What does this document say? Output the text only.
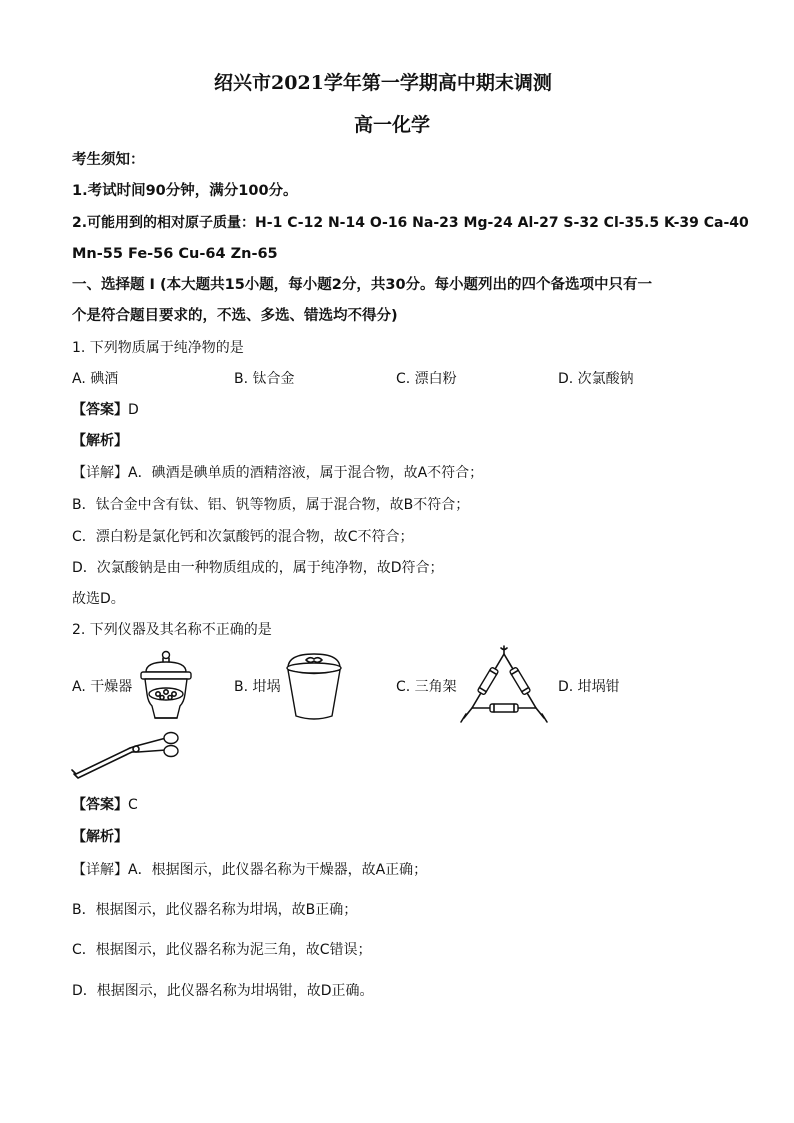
绍兴市2021学年第一学期高中期末调测
高一化学
考生须知：
1.考试时间90分钟，满分100分。
2.可能用到的相对原子质量：H-1 C-12 N-14 O-16 Na-23 Mg-24 Al-27 S-32 Cl-35.5 K-39 Ca-40
Mn-55 Fe-56 Cu-64 Zn-65
一、选择题 I (本大题共15小题，每小题2分，共30分。每小题列出的四个备选项中只有一
个是符合题目要求的，不选、多选、错选均不得分)
1. 下列物质属于纯净物的是
A. 碘酒	B. 钛合金	C. 漂白粉	D. 次氯酸钠
【答案】D
【解析】
【详解】A．碘酒是碘单质的酒精溶液，属于混合物，故A不符合；
B．钛合金中含有钛、铝、钒等物质，属于混合物，故B不符合；
C．漂白粉是氯化钙和次氯酸钙的混合物，故C不符合；
D．次氯酸钠是由一种物质组成的，属于纯净物，故D符合；
故选D。
2. 下列仪器及其名称不正确的是
A. 干燥器	B. 坩埚	C. 三角架	D. 坩埚钳
【答案】C
【解析】
【详解】A．根据图示，此仪器名称为干燥器，故A正确；
B．根据图示，此仪器名称为坩埚，故B正确；
C．根据图示，此仪器名称为泥三角，故C错误；
D．根据图示，此仪器名称为坩埚钳，故D正确。
